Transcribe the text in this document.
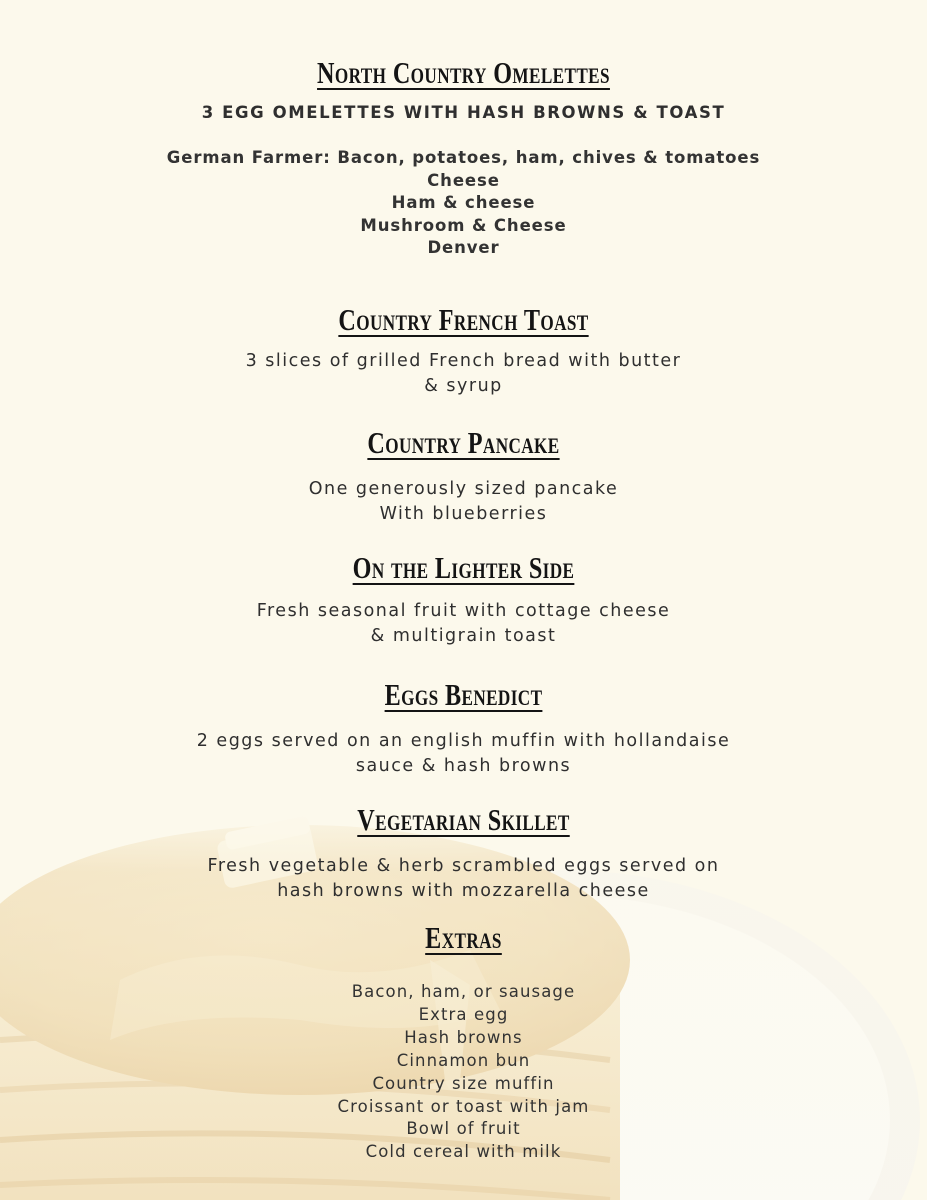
North Country Omelettes
3 EGG OMELETTES WITH HASH BROWNS & TOAST
German Farmer: Bacon, potatoes, ham, chives & tomatoes
Cheese
Ham & cheese
Mushroom & Cheese
Denver
Country French Toast
3 slices of grilled French bread with butter
& syrup
Country Pancake
One generously sized pancake
With blueberries
On the Lighter Side
Fresh seasonal fruit with cottage cheese
& multigrain toast
Eggs Benedict
2 eggs served on an english muffin with hollandaise
sauce & hash browns
Vegetarian Skillet
Fresh vegetable & herb scrambled eggs served on
hash browns with mozzarella cheese
Extras
Bacon, ham, or sausage
Extra egg
Hash browns
Cinnamon bun
Country size muffin
Croissant or toast with jam
Bowl of fruit
Cold cereal with milk
